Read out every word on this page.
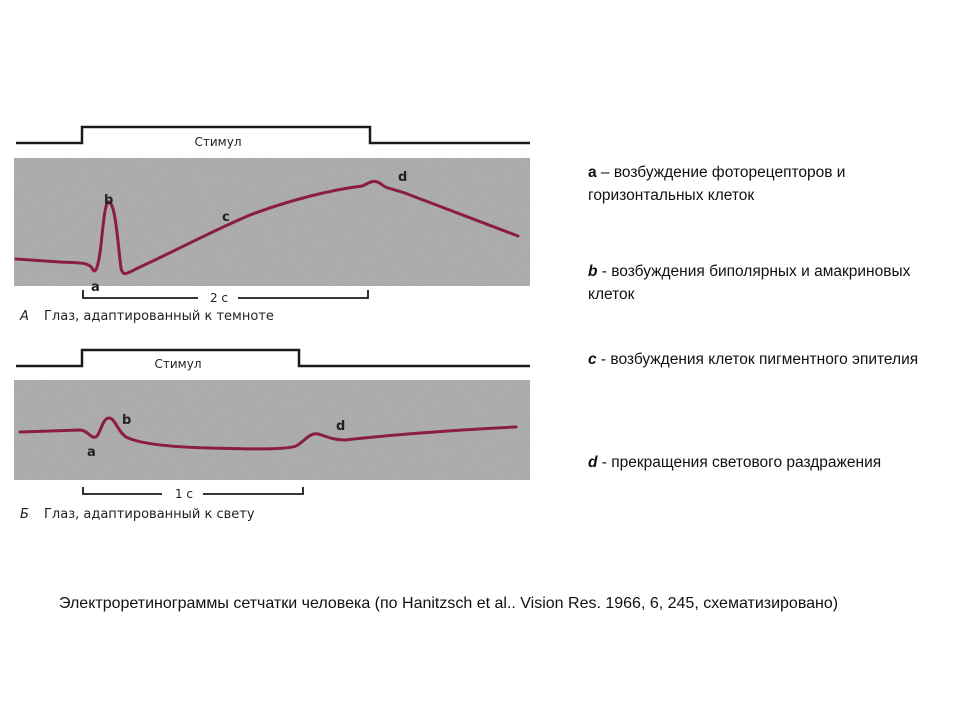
Стимул
b
c
d
a
2 с
А Глаз, адаптированный к темноте
Стимул
b
a
d
1 с
Б Глаз, адаптированный к свету
a – возбуждение фоторецепторов и горизонтальных клеток
b - возбуждения биполярных и амакриновых клеток
c - возбуждения клеток пигментного эпителия
d - прекращения светового раздражения
Электроретинограммы сетчатки человека (по Hanitzsch et al.. Vision Res. 1966, 6, 245, схематизировано)
